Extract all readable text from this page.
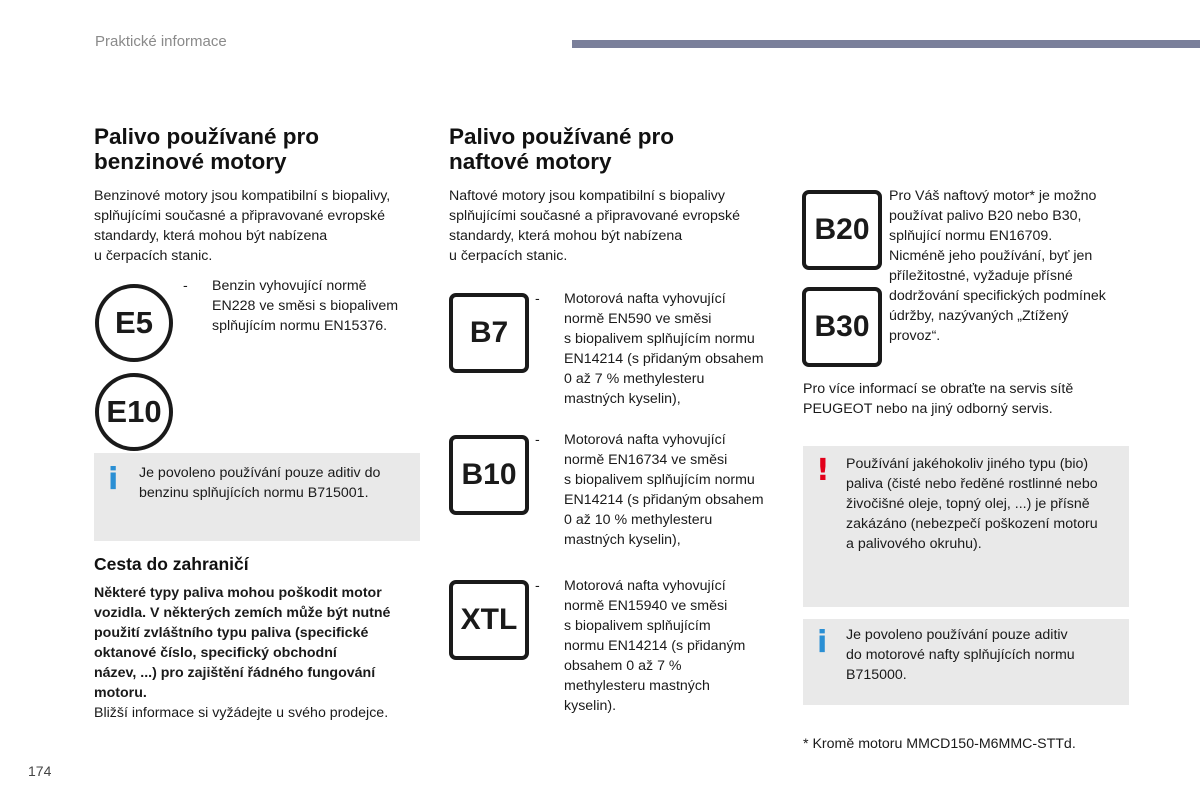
Praktické informace
Palivo používané pro
benzinové motory
Benzinové motory jsou kompatibilní s biopalivy,
splňujícími současné a připravované evropské
standardy, která mohou být nabízena
u čerpacích stanic.
E5
E10
- Benzin vyhovující normě
EN228 ve směsi s biopalivem
splňujícím normu EN15376.
i Je povoleno používání pouze aditiv do
benzinu splňujících normu B715001.
Cesta do zahraničí
Některé typy paliva mohou poškodit motor
vozidla. V některých zemích může být nutné
použití zvláštního typu paliva (specifické
oktanové číslo, specifický obchodní
název, ...) pro zajištění řádného fungování
motoru.
Bližší informace si vyžádejte u svého prodejce.
Palivo používané pro
naftové motory
Naftové motory jsou kompatibilní s biopalivy
splňujícími současné a připravované evropské
standardy, která mohou být nabízena
u čerpacích stanic.
B7
- Motorová nafta vyhovující
normě EN590 ve směsi
s biopalivem splňujícím normu
EN14214 (s přidaným obsahem
0 až 7 % methylesteru
mastných kyselin),
B10
- Motorová nafta vyhovující
normě EN16734 ve směsi
s biopalivem splňujícím normu
EN14214 (s přidaným obsahem
0 až 10 % methylesteru
mastných kyselin),
XTL
- Motorová nafta vyhovující
normě EN15940 ve směsi
s biopalivem splňujícím
normu EN14214 (s přidaným
obsahem 0 až 7 %
methylesteru mastných
kyselin).
B20
B30
Pro Váš naftový motor* je možno
používat palivo B20 nebo B30,
splňující normu EN16709.
Nicméně jeho používání, byť jen
příležitostné, vyžaduje přísné
dodržování specifických podmínek
údržby, nazývaných „Ztížený
provoz“.
Pro více informací se obraťte na servis sítě
PEUGEOT nebo na jiný odborný servis.
! Používání jakéhokoliv jiného typu (bio)
paliva (čisté nebo ředěné rostlinné nebo
živočišné oleje, topný olej, ...) je přísně
zakázáno (nebezpečí poškození motoru
a palivového okruhu).
i Je povoleno používání pouze aditiv
do motorové nafty splňujících normu
B715000.
* Kromě motoru MMCD150-M6MMC-STTd.
174
